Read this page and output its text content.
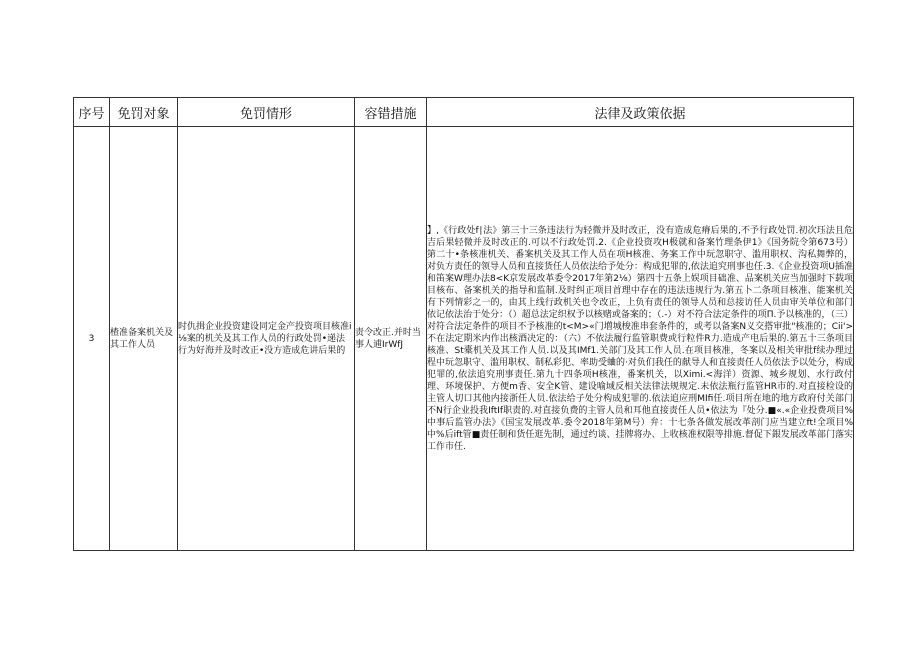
序号	免罚对象	免罚情形	容错措施	法律及政策依据
3	楂准备案机关及其工作人员	时仇揖企业投资建设同定金产投资项目核准i⅛案的机关及其工作人员的行政处罚•递法行为好海并及时改正•没方造成危讲后果的	责令改正.并时当事人逋IrWfJ	】,《行政处f∣法》第三十三条违法行为轻微并及时改正，没有造成危瘠后果的,不予行政处罚.初次珏法且危吉后果轻微并及时改正的.可以不行政处罚.2.《企业投资攻H极就和备案竹理条伊1》《国务院令第673号）第二十•条核准机关、番案机关及其工作人员在项H核准、务案工作中玩忽职守、滥用职权、沟私舞弊的，对负方责任的领导人员和直接货任人员依法给予处分：构成犯罪的,依法追究刑事也任.3.《企业投资项U插准和笛案W理办法8<K京发展改革委令2017年第2⅛）第四十五条上娱项目础准、品案机关应当加强时下载项目核布、备案机关的指导和监制.及时纠正项目首理中存在的违法违规行为.第五卜二条项目核准、能案机关有下列情彩之一的，由其上线行政机关也令改正，上负有责任的领导人员和总接访任人员由审关单位和部门依记依法治于处分：（）超总法定织权予以核赌或备案的；（.-）对不符合法定条件的项Π.予以核准的，（三）对符合法定条件的项目不予核准的t<M>«门増城梭准串套条件的，或考以备案N义交搭审批"核准的；Cii'>不在法定期米内作出核酒决定的：（六）不依法履行监管职费或行粒件R力.造成产电后果的.第五十三条项目核准、St橐机关及其工作人员.以及其IMf1.关部门及其工作人员.在项目核准，冬案以及相关审批f续办理过程中玩忽职守、滥用职权、制私彩犯、率助受蛐的·对负们我任的献导人和直接责任人员依法予以处分，构成犯罪的,依法追究刑事责任.第九十四条项H核准，番案机关，以Ximi.<海洋）资源、城乡规划、水行政付理、环境保护、方便m香、安全K管、建设喻域反相关法律法规规定.未依法瓶行监管HR市的.对直接检设的主管人切口其他内接浙任人员.依法给子处分构成犯罪的.依法追应刑MIfi任.项目所在地的地方政府付关部门不N行企业投我IftIf职责的.对直接负费的主管人员和耳他直接责任人员•依法为『处分.■«.«企业投费项目%中事后监管办法》《国宝发展改革.委令2018年第M号）弁：十七条各做发展改革剖门应当建立ft!全项目%中%后ift管■责任制和货任逛先制，通过约谈、挂牌将办、上收核准权限等排施.督促下銀发展改革部门落实工作市任.
